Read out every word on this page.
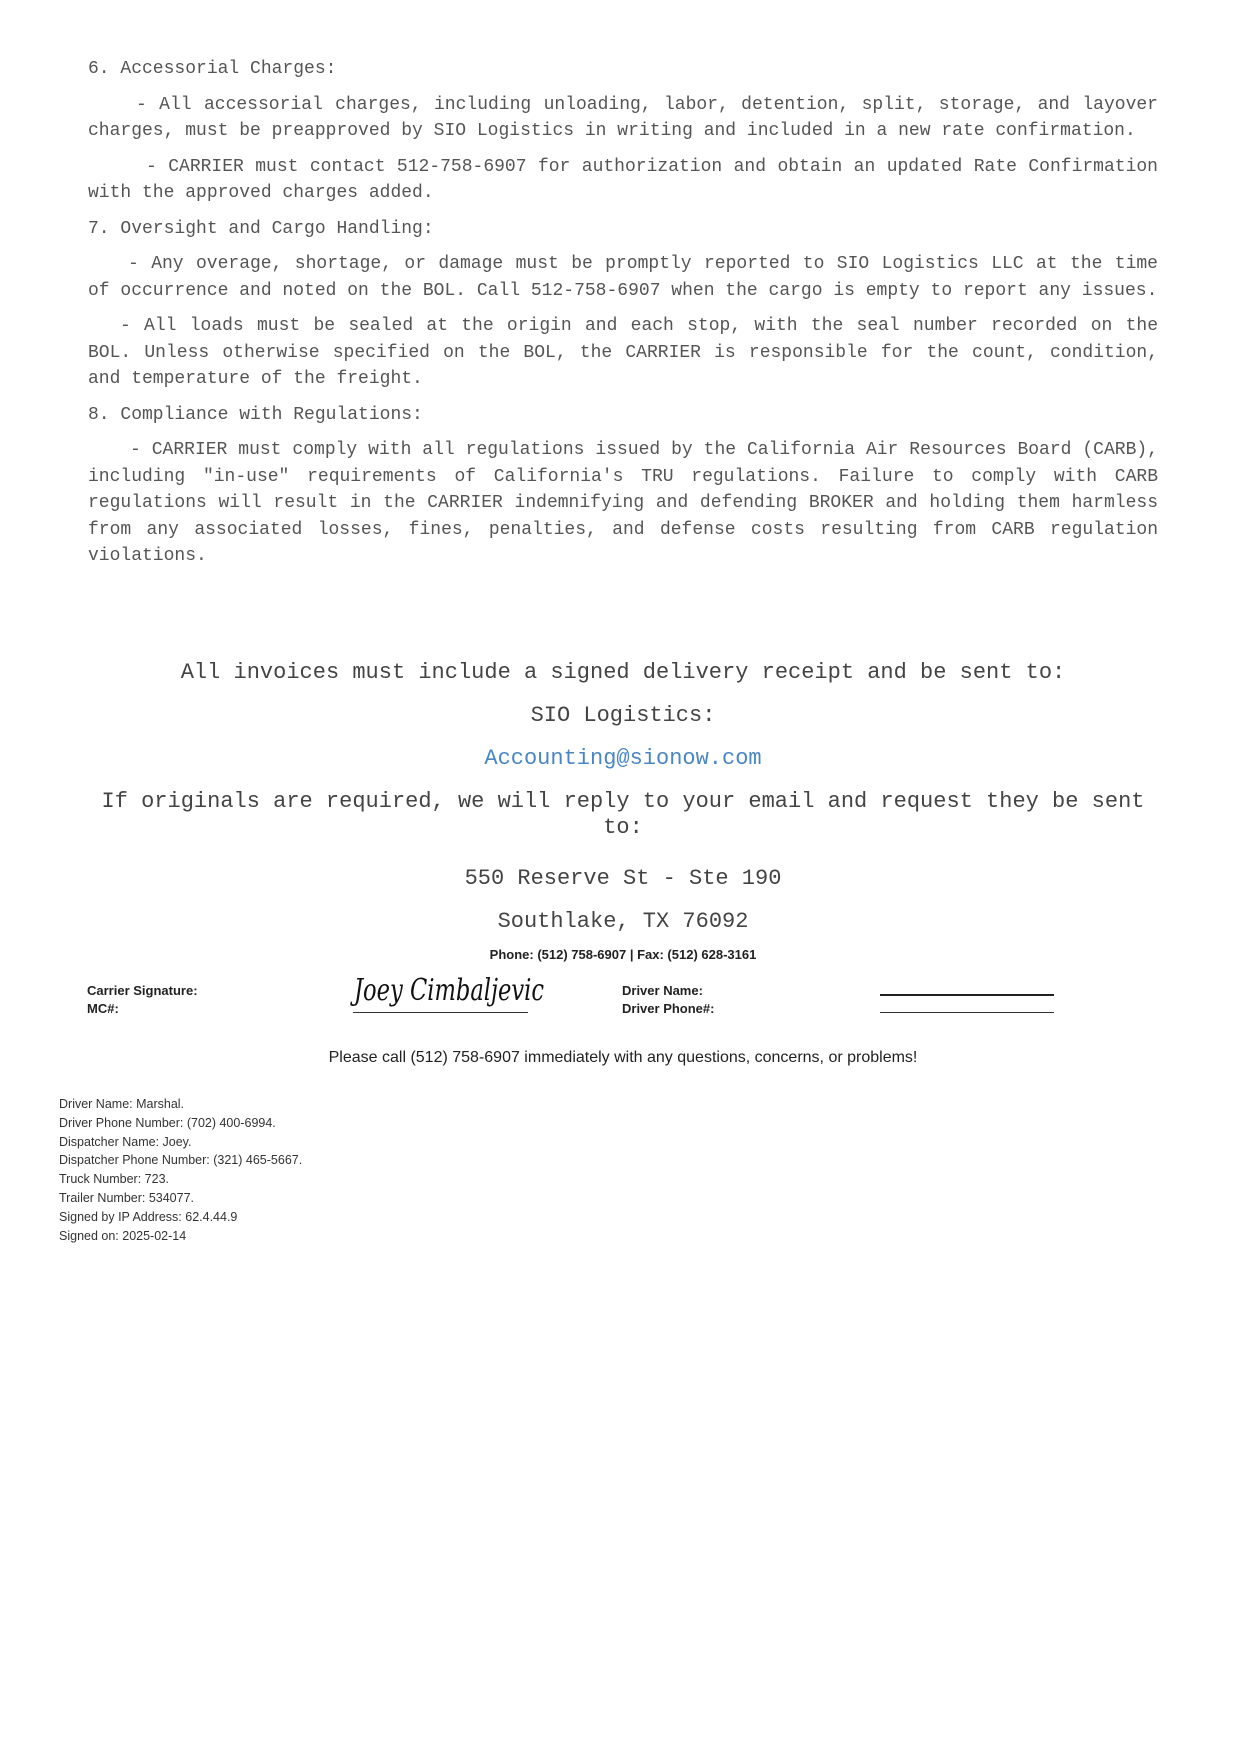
6. Accessorial Charges:
- All accessorial charges, including unloading, labor, detention, split, storage, and layover charges, must be preapproved by SIO Logistics in writing and included in a new rate confirmation.
- CARRIER must contact 512-758-6907 for authorization and obtain an updated Rate Confirmation with the approved charges added.
7. Oversight and Cargo Handling:
- Any overage, shortage, or damage must be promptly reported to SIO Logistics LLC at the time of occurrence and noted on the BOL. Call 512-758-6907 when the cargo is empty to report any issues.
- All loads must be sealed at the origin and each stop, with the seal number recorded on the BOL. Unless otherwise specified on the BOL, the CARRIER is responsible for the count, condition, and temperature of the freight.
8. Compliance with Regulations:
- CARRIER must comply with all regulations issued by the California Air Resources Board (CARB), including "in-use" requirements of California's TRU regulations. Failure to comply with CARB regulations will result in the CARRIER indemnifying and defending BROKER and holding them harmless from any associated losses, fines, penalties, and defense costs resulting from CARB regulation violations.
All invoices must include a signed delivery receipt and be sent to:
SIO Logistics:
Accounting@sionow.com
If originals are required, we will reply to your email and request they be sent to:
550 Reserve St - Ste 190
Southlake, TX 76092
Phone: (512) 758-6907 | Fax: (512) 628-3161
Carrier Signature:
MC#:
Joey Cimbaljevic	Driver Name:
Driver Phone#:
Please call (512) 758-6907 immediately with any questions, concerns, or problems!
Driver Name: Marshal.
Driver Phone Number: (702) 400-6994.
Dispatcher Name: Joey.
Dispatcher Phone Number: (321) 465-5667.
Truck Number: 723.
Trailer Number: 534077.
Signed by IP Address: 62.4.44.9
Signed on: 2025-02-14
